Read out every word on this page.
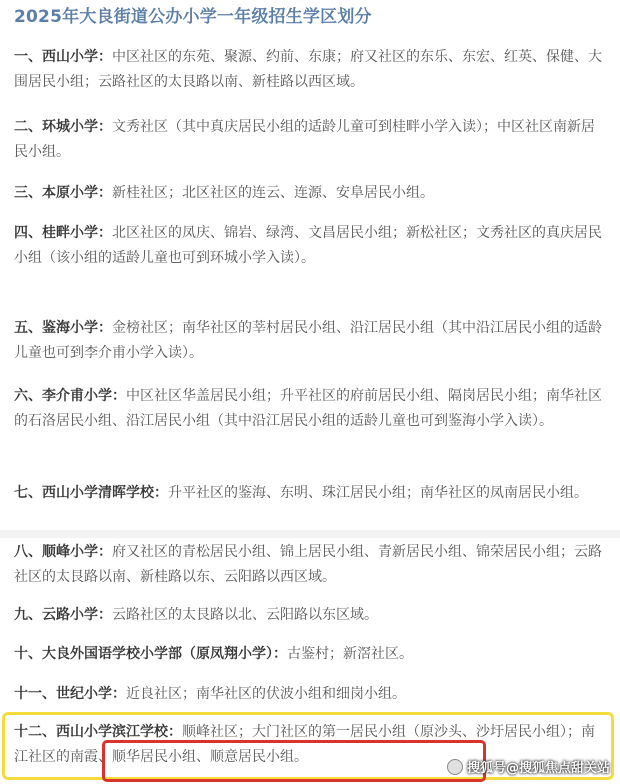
2025年大良街道公办小学一年级招生学区划分
一、西山小学：中区社区的东苑、聚源、约前、东康；府又社区的东乐、东宏、红英、保健、大围居民小组；云路社区的太艮路以南、新桂路以西区域。
二、环城小学：文秀社区（其中真庆居民小组的适龄儿童可到桂畔小学入读）；中区社区南新居民小组。
三、本原小学：新桂社区；北区社区的连云、连源、安阜居民小组。
四、桂畔小学：北区社区的凤庆、锦岩、绿湾、文昌居民小组；新松社区；文秀社区的真庆居民小组（该小组的适龄儿童也可到环城小学入读）。
五、鉴海小学：金榜社区；南华社区的莘村居民小组、沿江居民小组（其中沿江居民小组的适龄儿童也可到李介甫小学入读）。
六、李介甫小学：中区社区华盖居民小组；升平社区的府前居民小组、隔岗居民小组；南华社区的石洛居民小组、沿江居民小组（其中沿江居民小组的适龄儿童也可到鉴海小学入读）。
七、西山小学清晖学校：升平社区的鉴海、东明、珠江居民小组；南华社区的凤南居民小组。
八、顺峰小学：府又社区的青松居民小组、锦上居民小组、青新居民小组、锦荣居民小组；云路社区的太艮路以南、新桂路以东、云阳路以西区域。
九、云路小学：云路社区的太艮路以北、云阳路以东区域。
十、大良外国语学校小学部（原凤翔小学）：古鉴村；新滘社区。
十一、世纪小学：近良社区；南华社区的伏波小组和细岗小组。
十二、西山小学滨江学校：顺峰社区；大门社区的第一居民小组（原沙头、沙圩居民小组）；南江社区的南霞、顺华居民小组、顺意居民小组。
搜狐号@搜狐焦点甜关站
